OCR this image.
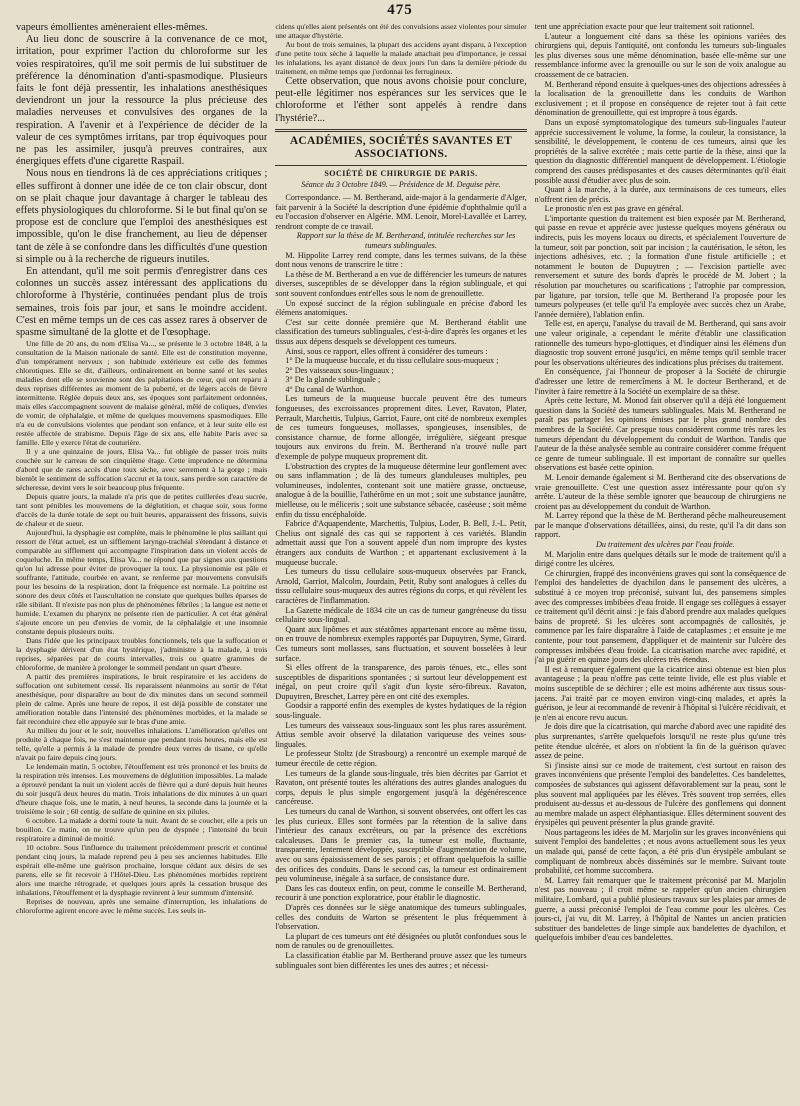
475

vapeurs émollientes amèneraient elles-mêmes.

Au lieu donc de souscrire à la convenance de ce mot, irritation, pour exprimer l'action du chloroforme sur les voies respiratoires, qu'il me soit permis de lui substituer de préférence la dénomination d'anti-spasmodique. Plusieurs faits le font déjà pressentir, les inhalations anesthésiques deviendront un jour la ressource la plus précieuse des maladies nerveuses et convulsives des organes de la respiration. A l'avenir et à l'expérience de décider de la valeur de ces symptômes irritans, par trop équivoques pour ne pas les assimiler, jusqu'à preuves contraires, aux énergiques effets d'une cigarette Raspail.

Nous nous en tiendrons là de ces appréciations critiques ; elles suffiront à donner une idée de ce ton clair obscur, dont on se plait chaque jour davantage à charger le tableau des effets physiologiques du chloroforme. Si le but final qu'on se propose est de conclure que l'emploi des anesthésiques est impossible, qu'on le dise franchement, au lieu de dépenser tant de zèle à se confondre dans les difficultés d'une question si simple ou à la recherche de rigueurs inutiles.

En attendant, qu'il me soit permis d'enregistrer dans ces colonnes un succès assez intéressant des applications du chloroforme à l'hystérie, continuées pendant plus de trois semaines, trois fois par jour, et sans le moindre accident. C'est en même temps un de ces cas assez rares à observer de spasme simultané de la glotte et de l'œsophage.

Une fille de 20 ans, du nom d'Elisa Va..., se présente le 3 octobre 1848, à la consultation de la Maison nationale de santé. Elle est de constitution moyenne, d'un tempérament nerveux ; son habitude extérieure est celle des femmes chlorotiques. Elle se dit, d'ailleurs, ordinairement en bonne santé et les seules maladies dont elle se souvienne sont des palpitations de cœur, qui ont reparu à deux reprises différentes au moment de la puberté, et de légers accès de fièvre intermittente. Réglée depuis deux ans, ses époques sont parfaitement ordonnées, mais elles s'accompagnent souvent de malaise général, mêlé de coliques, d'envies de vomir, de céphalalgie, et même de quelques mouvemens spasmodiques. Elle n'a eu de convulsions violentes que pendant son enfance, et à leur suite elle est restée affectée de strabisme. Depuis l'âge de six ans, elle habite Paris avec sa famille. Elle y exerce l'état de couturière.

Il y a une quinzaine de jours, Elisa Va... fut obligée de passer trois nuits couchée sur le carreau de son cinquième étage. Cette imprudence ne détermina d'abord que de rares accès d'une toux sèche, avec serrement à la gorge ; mais bientôt le sentiment de suffocation s'accrut et la toux, sans perdre son caractère de sécheresse, devint vers le soir beaucoup plus fréquente.

Depuis quatre jours, la malade n'a pris que de petites cuillerées d'eau sucrée, tant sont pénibles les mouvemens de la déglutition, et chaque soir, sous forme d'accès de la durée totale de sept ou huit heures, apparaissent des frissons, suivis de chaleur et de sueur.

Aujourd'hui, la dysphagie est complète, mais le phénomène le plus saillant qui ressort de l'état actuel, est un sifflement laryngo-trachéal s'étendant à distance et comparable au sifflement qui accompagne l'inspiration dans un violent accès de coqueluche. En même temps, Elisa Va... ne répond que par signes aux questions qu'on lui adresse pour éviter de provoquer la toux. La physionomie est pâle et souffrante, l'attitude, courbée en avant, se renferme par mouvemens convulsifs pour les besoins de la respiration, dont la fréquence est normale. La poitrine est sonore des deux côtés et l'auscultation ne constate que quelques bulles éparses de râle sibilant. Il n'existe pas non plus de phénomènes fébriles ; la langue est nette et humide. L'examen du pharynx ne présente rien de particulier. A cet état général s'ajoute encore un peu d'envies de vomir, de la céphalalgie et une insomnie constante depuis plusieurs nuits.

Dans l'idée que les principaux troubles fonctionnels, tels que la suffocation et la dysphagie dérivent d'un état hystérique, j'administre à la malade, à trois reprises, séparées par de courts intervalles, trois ou quatre grammes de chloroforme, de manière à prolonger le sommeil pendant un quart d'heure.

A partir des premières inspirations, le bruit respiratoire et les accidens de suffocation ont subitement cessé. Ils reparaissent néanmoins au sortir de l'état anesthésique, pour disparaître au bout de dix minutes dans un second sommeil plein de calme. Après une heure de repos, il est déjà possible de constater une amélioration notable dans l'intensité des phénomènes morbides, et la malade se fait reconduire chez elle appuyée sur le bras d'une amie.

Au milieu du jour et le soir, nouvelles inhalations. L'amélioration qu'elles ont produite à chaque fois, ne s'est maintenue que pendant trois heures, mais elle est telle, qu'elle a permis à la malade de prendre deux verres de tisane, ce qu'elle n'avait pu faire depuis cinq jours.

Le lendemain matin, 5 octobre, l'étouffement est très prononcé et les bruits de la respiration très intenses. Les mouvemens de déglutition impossibles. La malade a éprouvé pendant la nuit un violent accès de fièvre qui a duré depuis huit heures du soir jusqu'à deux heures du matin. Trois inhalations de dix minutes à un quart d'heure chaque fois, une le matin, à neuf heures, la seconde dans la journée et la troisième le soir ; 60 centig. de sulfate de quinine en six pilules.

6 octobre. La malade a dormi toute la nuit. Avant de se coucher, elle a pris un bouillon. Ce matin, on ne trouve qu'un peu de dyspnée ; l'intensité du bruit respiratoire a diminué de moitié.

10 octobre. Sous l'influence du traitement précédemment prescrit et continué pendant cinq jours, la malade reprend peu à peu ses anciennes habitudes. Elle espérait elle-même une guérison prochaine, lorsque cédant aux désirs de ses parens, elle se fit recevoir à l'Hôtel-Dieu. Les phénomènes morbides reprirent alors une marche rétrograde, et quelques jours après la cessation brusque des inhalations, l'étouffement et la dysphagie revinrent à leur summum d'intensité.

Reprises de nouveau, après une semaine d'interruption, les inhalations de chloroforme agirent encore avec le même succès. Les seuls in-

cidens qu'elles aient présentés ont été des convulsions assez violentes pour simuler une attaque d'hystérie.

Au bout de trois semaines, la plupart des accidens ayant disparu, à l'exception d'une petite toux sèche à laquelle la malade attachait peu d'importance, je cessai les inhalations, les ayant distancé de deux jours l'un dans la dernière période du traitement, en même temps que j'ordonnai les ferrugineux.

Cette observation, que nous avons choisie pour conclure, peut-elle légitimer nos espérances sur les services que le chloroforme et l'éther sont appelés à rendre dans l'hystérie?...

ACADÉMIES, SOCIÉTÉS SAVANTES ET ASSOCIATIONS.
SOCIÉTÉ DE CHIRURGIE DE PARIS.
Séance du 3 Octobre 1849. — Présidence de M. Deguise père.

Correspondance. — M. Bertherand, aide-major à la gendarmerie d'Alger, fait parvenir à la Société la description d'une épidémie d'ophthalmie qu'il a eu l'occasion d'observer en Algérie. MM. Lenoir, Morel-Lavallée et Larrey, rendront compte de ce travail.

Rapport sur la thèse de M. Bertherand, intitulée recherches sur les tumeurs sublinguales.

M. Hippolite Larrey rend compte, dans les termes suivans, de la thèse dont nous venons de transcrire le titre :

La thèse de M. Bertherand a en vue de différencier les tumeurs de natures diverses, susceptibles de se développer dans la région sublinguale, et qui sont souvent confondues entr'elles sous le nom de grenouillette.

Un exposé succinct de la région sublinguale en précise d'abord les élémens anatomiques.

C'est sur cette donnée première que M. Bertherand établit une classification des tumeurs sublinguales, c'est-à-dire d'après les organes et les tissus aux dépens desquels se développent ces tumeurs.

Ainsi, sous ce rapport, elles offrent à considérer des tumeurs :

1° De la muqueuse buccale, et du tissu cellulaire sous-muqueux ;

2° Des vaisseaux sous-linguaux ;

3° De la glande sublinguale ;

4° Du canal de Warthon.

Les tumeurs de la muqueuse buccale peuvent être des tumeurs fongueuses, des excroissances proprement dites. Lever, Ravaton, Plater, Perrault, Marchettis, Tulpius, Garriot, Faure, ont cité de nombreux exemples de ces tumeurs fongueuses, mollasses, spongieuses, insensibles, de consistance charnue, de forme allongée, irrégulière, siégeant presque toujours aux environs du frein. M. Bertherand n'a trouvé nulle part d'exemple de polype muqueux proprement dit.

L'obstruction des cryptes de la muqueuse détermine leur gonflement avec ou sans inflammation ; de là des tumeurs glanduleuses multiples, peu volumineuses, indolentes, contenant soit une matière grasse, onctueuse, analogue à de la bouillie, l'athérôme en un mot ; soit une substance jaunâtre, mielleuse, ou le méliceris ; soit une substance sébacée, caséeuse ; soit même enfin du tissu encéphaloïde.

Fabrice d'Aquapendente, Marchettis, Tulpius, Loder, B. Bell, J.-L. Petit, Chelius ont signalé des cas qui se rapportent à ces variétés. Blandin admettait aussi que l'on a souvent appelé d'un nom impropre des kystes étrangers aux conduits de Warthon ; et appartenant exclusivement à la muqueuse buccale.

Les tumeurs du tissu cellulaire sous-muqueux observées par Franck, Arnold, Garriot, Malcolm, Jourdain, Petit, Ruby sont analogues à celles du tissu cellulaire sous-muqueux des autres régions du corps, et qui révèlent les caractères de l'inflammation.

La Gazette médicale de 1834 cite un cas de tumeur gangréneuse du tissu cellulaire sous-lingual.

Quant aux lipômes et aux stéatômes appartenant encore au même tissu, on en trouve de nombreux exemples rapportés par Dupuytren, Syme, Girard. Ces tumeurs sont mollasses, sans fluctuation, et souvent bosselées à leur surface.

Si elles offrent de la transparence, des parois ténues, etc., elles sont susceptibles de disparitions spontanées ; si surtout leur développement est inégal, on peut croire qu'il s'agit d'un kyste séro-fibreux. Ravaton, Dupuytren, Breschet, Larrey père en ont cité des exemples.

Goodsir a rapporté enfin des exemples de kystes hydatiques de la région sous-linguale.

Les tumeurs des vaisseaux sous-linguaux sont les plus rares assurément. Attius semble avoir observé la dilatation variqueuse des veines sous-linguales.

Le professeur Stoltz (de Strasbourg) a rencontré un exemple marqué de tumeur érectile de cette région.

Les tumeurs de la glande sous-linguale, très bien décrites par Garriot et Ravaton, ont présenté toutes les altérations des autres glandes analogues du corps, depuis le plus simple engorgement jusqu'à la dégénérescence cancéreuse.

Les tumeurs du canal de Warthon, si souvent observées, ont offert les cas les plus curieux. Elles sont formées par la rétention de la salive dans l'intérieur des canaux excréteurs, ou par la présence des excrétions calcaleuses. Dans le premier cas, la tumeur est molle, fluctuante, transparente, lentement développée, susceptible d'augmentation de volume, avec ou sans épaississement de ses parois ; et offrant quelquefois la saillie des orifices des conduits. Dans le second cas, la tumeur est ordinairement peu volumineuse, inégale à sa surface, de consistance dure.

Dans les cas douteux enfin, on peut, comme le conseille M. Bertherand, recourir à une ponction exploratrice, pour établir le diagnostic.

D'après ces données sur le siège anatomique des tumeurs sublinguales, celles des conduits de Warton se présentent le plus fréquemment à l'observation.

La plupart de ces tumeurs ont été désignées ou plutôt confondues sous le nom de ranules ou de grenouillettes.

La classification établie par M. Bertherand prouve assez que les tumeurs sublinguales sont bien différentes les unes des autres ; et nécessi-

tent une appréciation exacte pour que leur traitement soit rationnel.

L'auteur a longuement cité dans sa thèse les opinions variées des chirurgiens qui, depuis l'antiquité, ont confondu les tumeurs sub-linguales les plus diverses sous une même dénomination, basée elle-même sur une ressemblance informe avec la grenouille ou sur le son de voix analogue au croassement de ce batracien.

M. Bertherand répond ensuite à quelques-unes des objections adressées à la localisation de la grenouillette dans les conduits de Warthon exclusivement ; et il propose en conséquence de rejeter tout à fait cette dénomination de grenouillette, qui est impropre à tous égards.

Dans un exposé symptomatologique des tumeurs sub-linguales l'auteur apprécie successivement le volume, la forme, la couleur, la consistance, la sensibilité, le développement, le contenu de ces tumeurs, ainsi que les propriétés de la salive excrétée ; mais cette partie de la thèse, ainsi que la question du diagnostic différentiel manquent de développement. L'étiologie comprend des causes prédisposantes et des causes déterminantes qu'il était possible aussi d'étudier avec plus de soin.

Quant à la marche, à la durée, aux terminaisons de ces tumeurs, elles n'offrent rien de précis.

Le pronostic n'en est pas grave en général.

L'importante question du traitement est bien exposée par M. Bertherand, qui passe en revue et apprécie avec justesse quelques moyens généraux ou indirects, puis les moyens locaux ou directs, et spécialement l'ouverture de la tumeur, soit par ponction, soit par incision ; la cautérisation, le séton, les injections adhésives, etc. ; la formation d'une fistule artificielle ; et notamment le bouton de Dupuytren ; — l'excision partielle avec renversement et suture des bords d'après le procédé de M. Jobert ; la résolution par mouchetures ou scarifications ; l'atrophie par compression, par ligature, par torsion, telle que M. Bertherand l'a proposée pour les tumeurs polypeuses (et telle qu'il l'a employée avec succès chez un Arabe, l'année dernière), l'ablation enfin.

Telle est, en aperçu, l'analyse du travail de M. Bertherand, qui sans avoir une valeur originale, a cependant le mérite d'établir une classification rationnelle des tumeurs hypo-glottiques, et d'indiquer ainsi les élémens d'un diagnostic trop souvent erroné jusqu'ici, en même temps qu'il semble tracer pour les observations ultérieures des indications plus précises du traitement.

En conséquence, j'ai l'honneur de proposer à la Société de chirurgie d'adresser une lettre de remercîmens à M. le docteur Bertherand, et de l'inviter à faire remettre à la Société un exemplaire de sa thèse.

Après cette lecture, M. Monod fait observer qu'il a déjà été longuement question dans la Société des tumeurs sublinguales. Mais M. Bertherand ne paraît pas partager les opinions émises par le plus grand nombre des membres de la Société. Car presque tous considèrent comme très rares les tumeurs dépendant du développement du conduit de Warthon. Tandis que l'auteur de la thèse analysée semble au contraire considérer comme fréquent ce genre de tumeur sublinguale. Il est important de connaître sur quelles observations est basée cette opinion.

M. Lenoir demande également si M. Bertherand cite des observations de vraie grenouillette. C'est une question assez intéressante pour qu'on s'y arrête. L'auteur de la thèse semble ignorer que beaucoup de chirurgiens ne croient pas au développement du conduit de Warthon.

M. Larrey répond que la thèse de M. Bertherand pêche malheureusement par le manque d'observations détaillées, ainsi, du reste, qu'il l'a dit dans son rapport.

Du traitement des ulcères par l'eau froide.

M. Marjolin entre dans quelques détails sur le mode de traitement qu'il a dirigé contre les ulcères.

Ce chirurgien, frappé des inconvéniens graves qui sont la conséquence de l'emploi des bandelettes de dyachilon dans le pansement des ulcères, a substitué à ce moyen trop préconisé, suivant lui, des pansemens simples avec des compresses imbibées d'eau froide. Il engage ses collègues à essayer ce traitement qu'il décrit ainsi : je fais d'abord prendre aux malades quelques bains de propreté. Si les ulcères sont accompagnés de callosités, je commence par les faire disparaître à l'aide de cataplasmes ; et ensuite je me contente, pour tout pansement, d'appliquer et de maintenir sur l'ulcère des compresses imbibées d'eau froide. La cicatrisation marche avec rapidité, et j'ai pu guérir en quinze jours des ulcères très étendus.

Il est à remarquer également que la cicatrice ainsi obtenue est bien plus avantageuse ; la peau n'offre pas cette teinte livide, elle est plus viable et moins susceptible de se déchirer ; elle est moins adhérente aux tissus sous-jacens. J'ai traité par ce moyen environ vingt-cinq malades, et après la guérison, je leur ai recommandé de revenir à l'hôpital si l'ulcère récidivait, et je n'en ai encore revu aucun.

Je dois dire que la cicatrisation, qui marche d'abord avec une rapidité des plus surprenantes, s'arrête quelquefois lorsqu'il ne reste plus qu'une très petite étendue ulcérée, et alors on n'obtient la fin de la guérison qu'avec assez de peine.

Si j'insiste ainsi sur ce mode de traitement, c'est surtout en raison des graves inconvéniens que présente l'emploi des bandelettes. Ces bandelettes, composées de substances qui agissent défavorablement sur la peau, sont le plus souvent mal appliquées par les élèves. Très souvent trop serrées, elles produisent au-dessus et au-dessous de l'ulcère des gonflemens qui donnent au membre malade un aspect éléphantiasique. Elles déterminent souvent des érysipèles qui peuvent présenter la plus grande gravité.

Nous partageons les idées de M. Marjolin sur les graves inconvéniens qui suivent l'emploi des bandelettes ; et nous avons actuellement sous les yeux un malade qui, pansé de cette façon, a été pris d'un érysipèle ambulant se compliquant de nombreux abcès disséminés sur le membre. Suivant toute probabilité, cet homme succombera.

M. Larrey fait remarquer que le traitement préconisé par M. Marjolin n'est pas nouveau ; il croit même se rappeler qu'un ancien chirurgien militaire, Lombard, qui a publié plusieurs travaux sur les plaies par armes de guerre, a aussi préconisé l'emploi de l'eau comme pour les ulcères. Ces jours-ci, j'ai vu, dit M. Larrey, à l'hôpital de Nantes un ancien praticien substituer des bandelettes de linge simple aux bandelettes de dyachilon, et quelquefois imbiber d'eau ces bandelettes.
